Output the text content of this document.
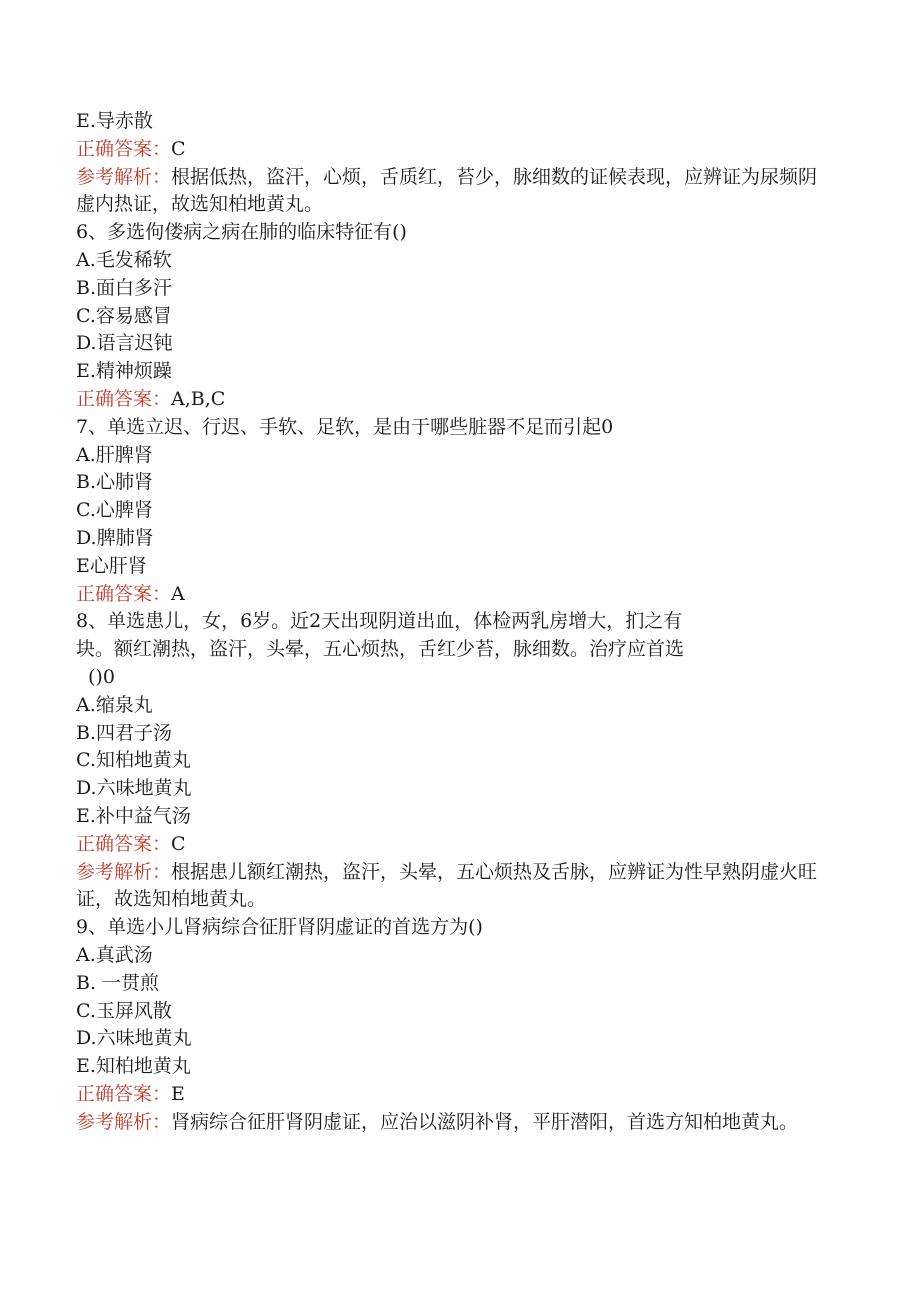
E.导赤散
正确答案：C
参考解析：根据低热，盗汗，心烦，舌质红，苔少，脉细数的证候表现，应辨证为尿频阴虚内热证，故选知柏地黄丸。
6、多选佝偻病之病在肺的临床特征有()
A.毛发稀软
B.面白多汗
C.容易感冒
D.语言迟钝
E.精神烦躁
正确答案：A,B,C
7、单选立迟、行迟、手软、足软，是由于哪些脏器不足而引起0
A.肝脾肾
B.心肺肾
C.心脾肾
D.脾肺肾
E心肝肾
正确答案：A
8、单选患儿，女，6岁。近2天出现阴道出血，体检两乳房增大，扪之有
块。额红潮热，盗汗，头晕，五心烦热，舌红少苔，脉细数。治疗应首选
()0
A.缩泉丸
B.四君子汤
C.知柏地黄丸
D.六味地黄丸
E.补中益气汤
正确答案：C
参考解析：根据患儿额红潮热，盗汗，头晕，五心烦热及舌脉，应辨证为性早熟阴虚火旺证，故选知柏地黄丸。
9、单选小儿肾病综合征肝肾阴虚证的首选方为()
A.真武汤
B. 一贯煎
C.玉屏风散
D.六味地黄丸
E.知柏地黄丸
正确答案：E
参考解析：肾病综合征肝肾阴虚证，应治以滋阴补肾，平肝潜阳，首选方知柏地黄丸。
